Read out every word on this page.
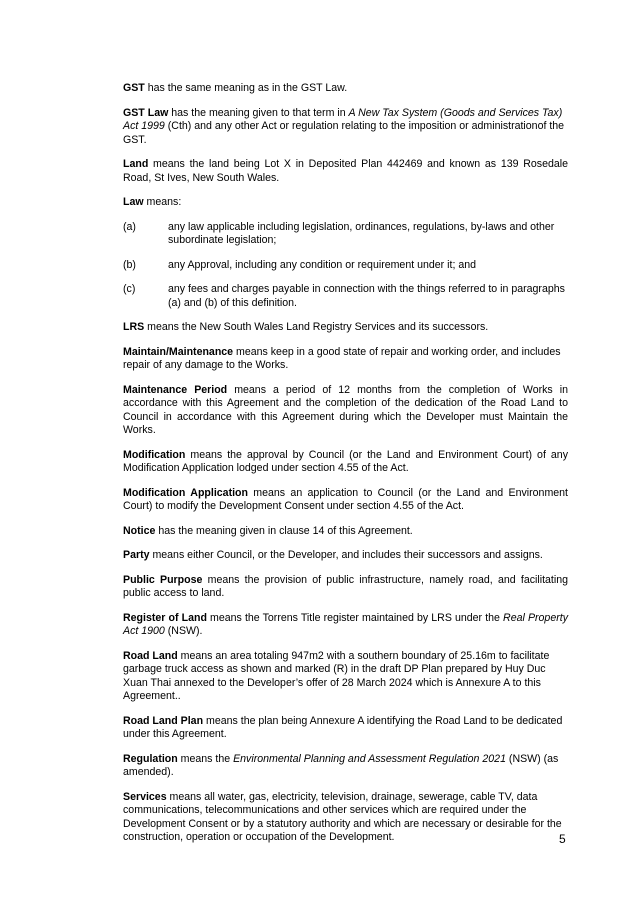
GST has the same meaning as in the GST Law.

GST Law has the meaning given to that term in A New Tax System (Goods and Services Tax) Act 1999 (Cth) and any other Act or regulation relating to the imposition or administrationof the GST.

Land means the land being Lot X in Deposited Plan 442469 and known as 139 Rosedale Road, St Ives, New South Wales.

Law means:

(a)	any law applicable including legislation, ordinances, regulations, by-laws and other subordinate legislation;
(b)	any Approval, including any condition or requirement under it; and
(c)	any fees and charges payable in connection with the things referred to in paragraphs (a) and (b) of this definition.

LRS means the New South Wales Land Registry Services and its successors.

Maintain/Maintenance means keep in a good state of repair and working order, and includes repair of any damage to the Works.

Maintenance Period means a period of 12 months from the completion of Works in accordance with this Agreement and the completion of the dedication of the Road Land to Council in accordance with this Agreement during which the Developer must Maintain the Works.

Modification means the approval by Council (or the Land and Environment Court) of any Modification Application lodged under section 4.55 of the Act.

Modification Application means an application to Council (or the Land and Environment Court) to modify the Development Consent under section 4.55 of the Act.

Notice has the meaning given in clause 14 of this Agreement.

Party means either Council, or the Developer, and includes their successors and assigns.

Public Purpose means the provision of public infrastructure, namely road, and facilitating public access to land.

Register of Land means the Torrens Title register maintained by LRS under the Real Property Act 1900 (NSW).

Road Land means an area totaling 947m2 with a southern boundary of 25.16m to facilitate garbage truck access as shown and marked (R) in the draft DP Plan prepared by Huy Duc Xuan Thai annexed to the Developer’s offer of 28 March 2024 which is Annexure A to this Agreement..

Road Land Plan means the plan being Annexure A identifying the Road Land to be dedicated under this Agreement.

Regulation means the Environmental Planning and Assessment Regulation 2021 (NSW) (as amended).

Services means all water, gas, electricity, television, drainage, sewerage, cable TV, data communications, telecommunications and other services which are required under the Development Consent or by a statutory authority and which are necessary or desirable for the construction, operation or occupation of the Development.	5
